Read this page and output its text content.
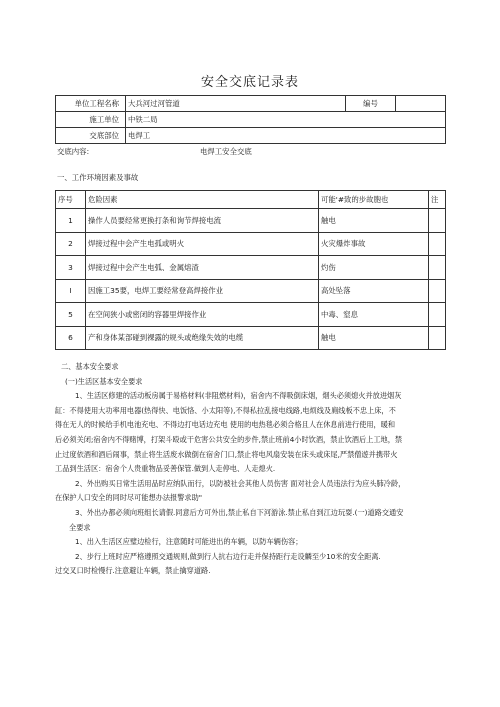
安全交底记录表
单位工程名称	大兵河过河管道	编号	
施工单位	中铁二局		
交底部位	电焊工		
交底内容:	电焊工安全交底
一、工作环境因素及事故
序号	危险因素	可能'#致的步故胞也	注
1	操作人员要经常更换打条和询节焊接电流	触电	
2	焊接过程中会产生电孤或明火	火灾爆炸事故	
3	焊接过程中会产生电弧、金属熔渣	灼伤	
I	因施工35要，电焊工要经常登高焊接作业	高处坠落	
5	在空间狭小或密闭的容器里焊接作业	中毒、窒息	
6	产和身体某部碰到裸露的规头或绝缘失效的电缆	触电	

二、基本安全要求

(一)生活区基本安全要求

1、生活区修建的活动板房属于易格材料(非阻燃材料)，宿舍内不得吸倒床烟，烟头必须熄火并放进烟灰

缸：不得使用大功率用电器(热得快、电饭恪、小太阳等),不得私拉乱接电线路,电烦线及廁线板不忠上床，不

得在无人的时候给手机电池充电、不得边打电话边充电 使用的电热毯必须合格且人在休息前进行使用，暖和

后必须关闭;宿舍内不得赌博，打架斗殴或干危害公共安全的步件,禁止班前4小时饮酒，禁止饮酒后上工地，禁

止过度依酒和酒后闹事，禁止将生活废水做倒在宿舍门口,禁止将电风扇安装在床头或床尾,严禁僧遊并携带火

工品到生活区：宿舍个人贵重物品妥善保管.做到人走停电、人走熄火.

2、外出购买日常生活用品时应纳队而行，以防被社会其他人员伤害 面对社会人员违法行为应头肺冷龄，

在保护人口安全的同时尽可能想办法报警求助"

3、外出办都必须向班组长请假.同意后方可外出,禁止私自下河游泳.禁止私自到江边玩耍.(一)道路交通安

全要求

1、出入生活区应璧边检行，注意随时可能进出的车辆，以防车辆伤容；

2、步行上班时应严格遵照交通规则,做到行人抗右边行走并保持距行走设麟至少10米的安全距离.

过交叉口时检慢行.注意避让车辆，禁止擒穿道路.
